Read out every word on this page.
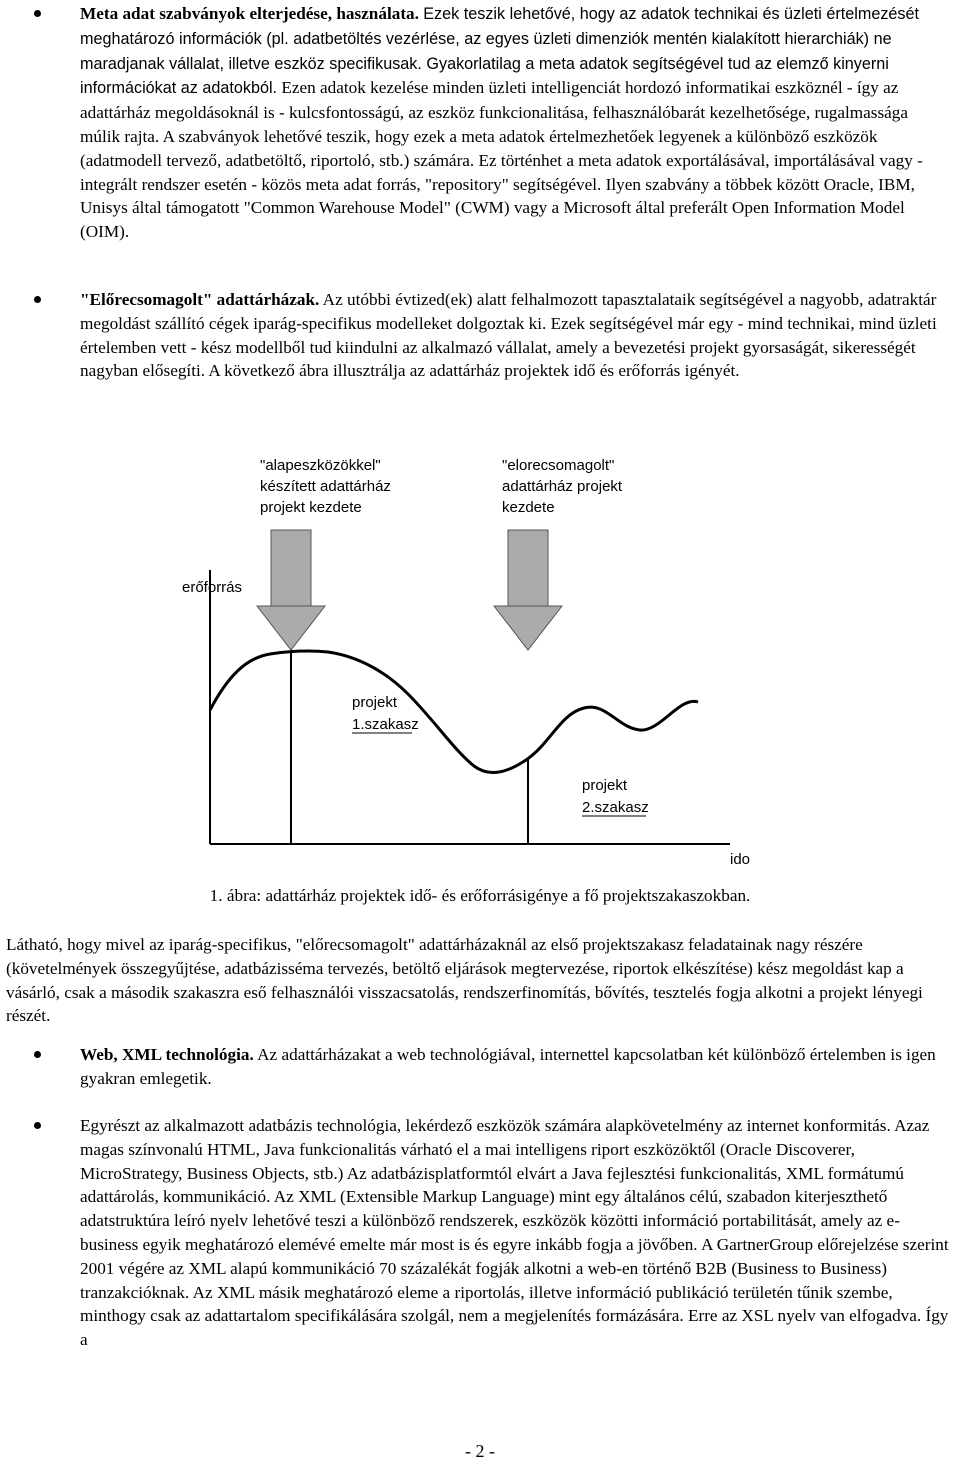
Meta adat szabványok elterjedése, használata. Ezek teszik lehetővé, hogy az adatok technikai és üzleti értelmezését meghatározó információk (pl. adatbetöltés vezérlése, az egyes üzleti dimenziók mentén kialakított hierarchiák) ne maradjanak vállalat, illetve eszköz specifikusak. Gyakorlatilag a meta adatok segítségével tud az elemző kinyerni információkat az adatokból. Ezen adatok kezelése minden üzleti intelligenciát hordozó informatikai eszköznél - így az adattárház megoldásoknál is - kulcsfontosságú, az eszköz funkcionalitása, felhasználóbarát kezelhetősége, rugalmassága múlik rajta. A szabványok lehetővé teszik, hogy ezek a meta adatok értelmezhetőek legyenek a különböző eszközök (adatmodell tervező, adatbetöltő, riportoló, stb.) számára. Ez történhet a meta adatok exportálásával, importálásával vagy - integrált rendszer esetén - közös meta adat forrás, "repository" segítségével. Ilyen szabvány a többek között Oracle, IBM, Unisys által támogatott "Common Warehouse Model" (CWM) vagy a Microsoft által preferált Open Information Model (OIM).
"Előrecsomagolt" adattárházak. Az utóbbi évtized(ek) alatt felhalmozott tapasztalataik segítségével a nagyobb, adatraktár megoldást szállító cégek iparág-specifikus modelleket dolgoztak ki. Ezek segítségével már egy - mind technikai, mind üzleti értelemben vett - kész modellből tud kiindulni az alkalmazó vállalat, amely a bevezetési projekt gyorsaságát, sikerességét nagyban elősegíti. A következő ábra illusztrálja az adattárház projektek idő és erőforrás igényét.
"alapeszközökkel"
készített adattárház
projekt kezdete
"elorecsomagolt"
adattárház projekt
kezdete
erőforrás
projekt
1.szakasz
projekt
2.szakasz
ido
1. ábra: adattárház projektek idő- és erőforrásigénye a fő projektszakaszokban.
Látható, hogy mivel az iparág-specifikus, "előrecsomagolt" adattárházaknál az első projektszakasz feladatainak nagy részére (követelmények összegyűjtése, adatbázisséma tervezés, betöltő eljárások megtervezése, riportok elkészítése) kész megoldást kap a vásárló, csak a második szakaszra eső felhasználói visszacsatolás, rendszerfinomítás, bővítés, tesztelés fogja alkotni a projekt lényegi részét.
Web, XML technológia. Az adattárházakat a web technológiával, internettel kapcsolatban két különböző értelemben is igen gyakran emlegetik.
Egyrészt az alkalmazott adatbázis technológia, lekérdező eszközök számára alapkövetelmény az internet konformitás. Azaz magas színvonalú HTML, Java funkcionalitás várható el a mai intelligens riport eszközöktől (Oracle Discoverer, MicroStrategy, Business Objects, stb.) Az adatbázisplatformtól elvárt a Java fejlesztési funkcionalitás, XML formátumú adattárolás, kommunikáció. Az XML (Extensible Markup Language) mint egy általános célú, szabadon kiterjeszthető adatstruktúra leíró nyelv lehetővé teszi a különböző rendszerek, eszközök közötti információ portabilitását, amely az e-business egyik meghatározó elemévé emelte már most is és egyre inkább fogja a jövőben. A GartnerGroup előrejelzése szerint 2001 végére az XML alapú kommunikáció 70 százalékát fogják alkotni a web-en történő B2B (Business to Business) tranzakcióknak. Az XML másik meghatározó eleme a riportolás, illetve információ publikáció területén tűnik szembe, minthogy csak az adattartalom specifikálására szolgál, nem a megjelenítés formázására. Erre az XSL nyelv van elfogadva. Így a
- 2 -
